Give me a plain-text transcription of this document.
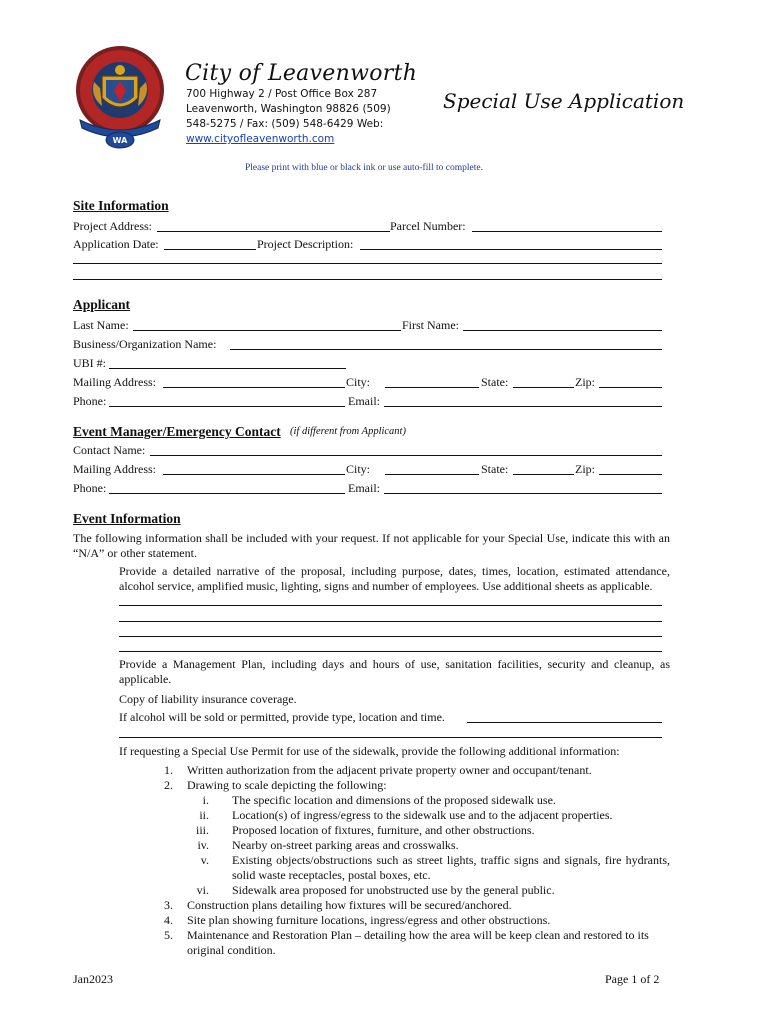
WA
City of Leavenworth
700 Highway 2 / Post Office Box 287
Leavenworth, Washington 98826 (509)
548-5275 / Fax: (509) 548-6429 Web:
www.cityofleavenworth.com
Special Use Application
Please print with blue or black ink or use auto-fill to complete.
Site Information
Project Address:	Parcel Number:
Application Date:	Project Description:
Applicant
Last Name:	First Name:
Business/Organization Name:
UBI #:
Mailing Address:	City:	State:	Zip:
Phone:	Email:
Event Manager/Emergency Contact (if different from Applicant)
Contact Name:
Mailing Address:	City:	State:	Zip:
Phone:	Email:
Event Information
The following information shall be included with your request. If not applicable for your Special Use, indicate this with an “N/A” or other statement.
Provide a detailed narrative of the proposal, including purpose, dates, times, location, estimated attendance, alcohol service, amplified music, lighting, signs and number of employees. Use additional sheets as applicable.
Provide a Management Plan, including days and hours of use, sanitation facilities, security and cleanup, as applicable.
Copy of liability insurance coverage.
If alcohol will be sold or permitted, provide type, location and time.
If requesting a Special Use Permit for use of the sidewalk, provide the following additional information:
1. Written authorization from the adjacent private property owner and occupant/tenant.
2. Drawing to scale depicting the following:
i. The specific location and dimensions of the proposed sidewalk use.
ii. Location(s) of ingress/egress to the sidewalk use and to the adjacent properties.
iii. Proposed location of fixtures, furniture, and other obstructions.
iv. Nearby on-street parking areas and crosswalks.
v. Existing objects/obstructions such as street lights, traffic signs and signals, fire hydrants, solid waste receptacles, postal boxes, etc.
vi. Sidewalk area proposed for unobstructed use by the general public.
3. Construction plans detailing how fixtures will be secured/anchored.
4. Site plan showing furniture locations, ingress/egress and other obstructions.
5. Maintenance and Restoration Plan – detailing how the area will be keep clean and restored to its original condition.
Jan2023	Page 1 of 2
